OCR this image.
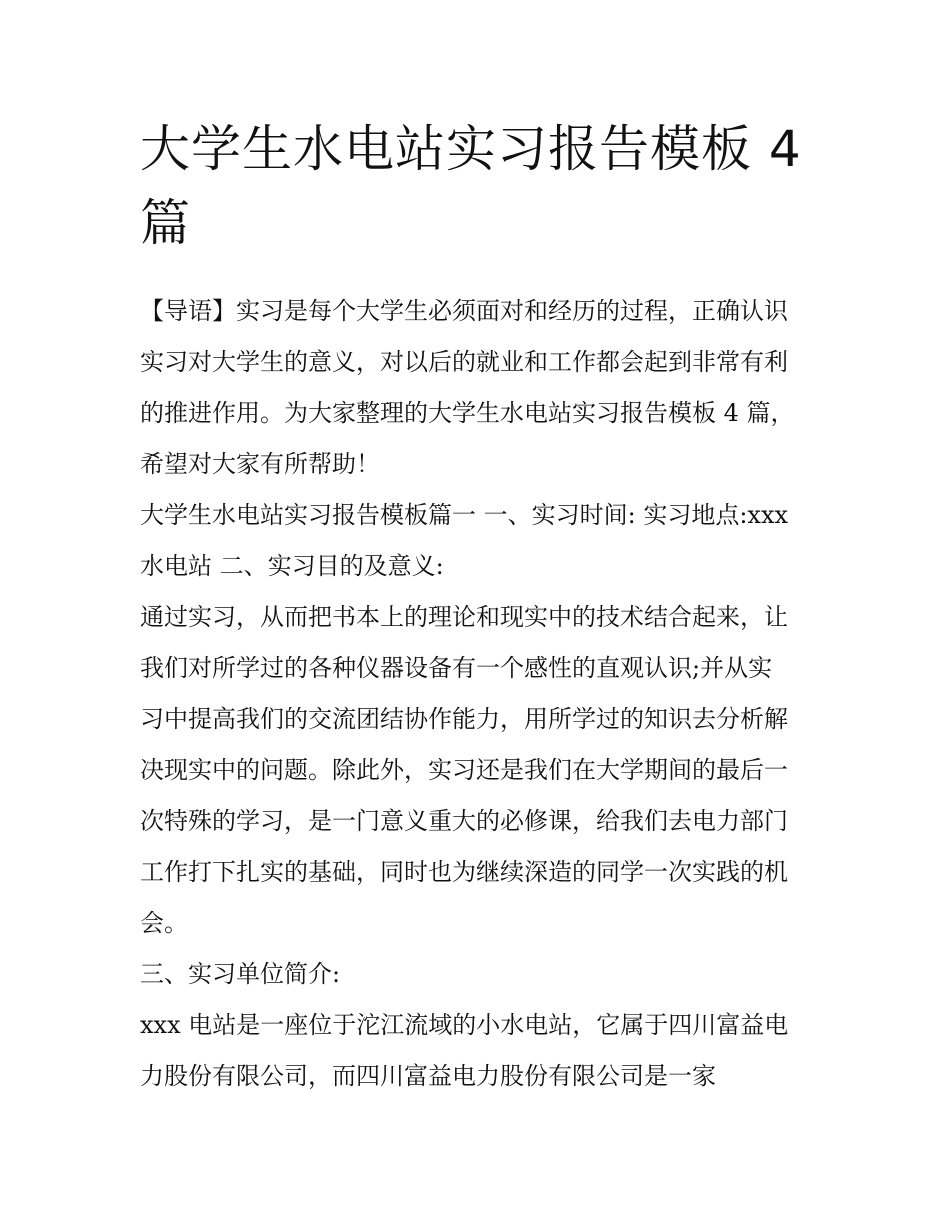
大学生水电站实习报告模板 4
篇
【导语】实习是每个大学生必须面对和经历的过程，正确认识
实习对大学生的意义，对以后的就业和工作都会起到非常有利
的推进作用。为大家整理的大学生水电站实习报告模板 4 篇，
希望对大家有所帮助！
大学生水电站实习报告模板篇一 一、实习时间: 实习地点:xxx
水电站 二、实习目的及意义:
通过实习，从而把书本上的理论和现实中的技术结合起来，让
我们对所学过的各种仪器设备有一个感性的直观认识;并从实
习中提高我们的交流团结协作能力，用所学过的知识去分析解
决现实中的问题。除此外，实习还是我们在大学期间的最后一
次特殊的学习，是一门意义重大的必修课，给我们去电力部门
工作打下扎实的基础，同时也为继续深造的同学一次实践的机
会。
三、实习单位简介:
xxx 电站是一座位于沱江流域的小水电站，它属于四川富益电
力股份有限公司，而四川富益电力股份有限公司是一家
